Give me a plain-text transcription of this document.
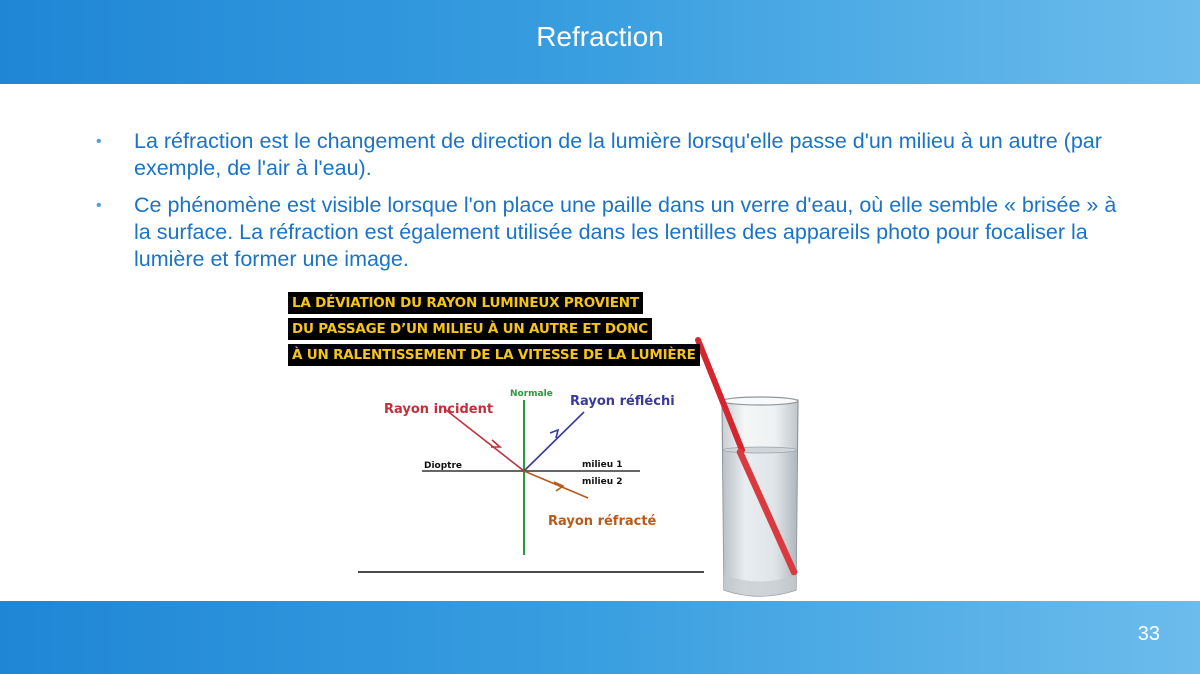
Refraction
•	La réfraction est le changement de direction de la lumière lorsqu'elle passe d'un milieu à un autre (par exemple, de l'air à l'eau).
•	Ce phénomène est visible lorsque l'on place une paille dans un verre d'eau, où elle semble « brisée » à la surface. La réfraction est également utilisée dans les lentilles des appareils photo pour focaliser la lumière et former une image.
Normale
Rayon incident
Rayon réfléchi
Dioptre	milieu 1
milieu 2
Rayon réfracté
LA DÉVIATION DU RAYON LUMINEUX PROVIENT
DU PASSAGE D’UN MILIEU À UN AUTRE ET DONC
À UN RALENTISSEMENT DE LA VITESSE DE LA LUMIÈRE
33
